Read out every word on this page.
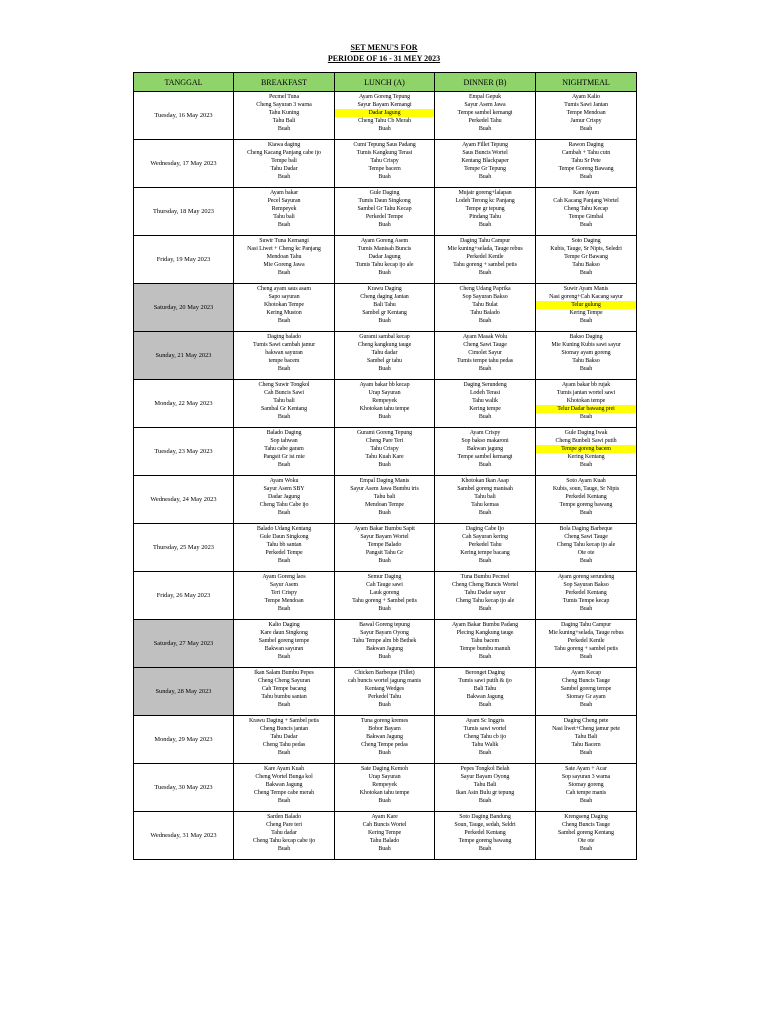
SET MENU'S FOR
PERIODE OF 16 - 31 MEY 2023
TANGGAL	BREAKFAST	LUNCH (A)	DINNER (B)	NIGHTMEAL
Tuesday, 16 May 2023	Pecmel Tuna
Cheng Sayuran 3 warna
Tahu Kuning
Tahu Bali
Buah	Ayam Goreng Tepung
Sayur Bayam Kemangi
Dadar Jagung
Cheng Tahu Cb Merah
Buah	Empal Gepuk
Sayur Asem Jawa
Tempe sambel kemangi
Perkedel Tahu
Buah	Ayam Kalio
Tumis Sawi Jantan
Tempe Mendoan
Jamur Crispy
Buah

Wednesday, 17 May 2023	Kiawa daging
Cheng Kacang Panjang cabe ijo
Tempe bali
Tahu Dadar
Buah	Cumi Tepung Saus Padang
Tumis Kangkung Terasi
Tahu Crispy
Tempe bacem
Buah	Ayam Fillet Tepung
Saus Buncis Wortel
Kentang Blackpaper
Tempe Gr Tepung
Buah	Rawon Daging
Cambah + Tahu cutn
Tahu Sr Pete
Tempe Goreng Bawang
Buah

Thursday, 18 May 2023	Ayam bakar
Pecel Sayuran
Rempeyek
Tahu bali
Buah	Gule Daging
Tumis Daun Singkong
Sambel Gr Tahu Kecap
Perkedel Tempe
Buah	Mujair goreng+lalapan
Lodeh Terong kc Panjang
Tempe gr tepung
Pindang Tahu
Buah	Kare Ayam
Cah Kacang Panjang Wortel
Cheng Tahu Kecap
Tempe Gimbal
Buah

Friday, 19 May 2023	Suwir Tuna Kemangi
Nasi Liwet + Cheng kc Panjang
Mendoan Tahu
Mie Goreng Jawa
Buah	Ayam Goreng Asem
Tumis Manisah Buncis
Dadar Jagung
Tumis Tahu kecap ijo ale
Buah	Daging Tahu Campur
Mie kuning+selada, Tauge rebus
Perkedel Kentle
Tahu goreng + sambel petis
Buah	Soto Daging
Kubis, Tauge, Sr Nipis, Seledri
Tempe Gr Bawang
Tahu Bakso
Buah

Saturday, 20 May 2023	Cheng ayam saus asam
Sapo sayuran
Khotokan Tempe
Kering Muston
Buah	Krawu Daging
Cheng daging Jantan
Bali Tahu
Sambel gr Kentang
Buah	Cheng Udang Paprika
Sop Sayuran Bakso
Tahu Bulat
Tahu Balado
Buah	Suwir Ayam Manis
Nasi goreng+Cah Kacang sayur
Telur gulung
Kering Tempe
Buah

Sunday, 21 May 2023	Daging balado
Tumis Sawi cambah jamur
bakwan sayuran
tempe bacem
Buah	Gurami sambal kecap
Cheng kangkung tauge
Tahu dadar
Sambel gr tahu
Buah	Ayam Masak Wolu
Cheng Sawi Tauge
Cimolet Sayur
Tumis tempe tahu pedas
Buah	Bakso Daging
Mie Kuning Kubis sawi sayur
Siomay ayam goreng
Tahu Bakso
Buah

Monday, 22 May 2023	Cheng Suwir Tongkol
Cah Buncis Sawi
Tahu bali
Sambal Gr Kentang
Buah	Ayam bakar bb kecap
Urap Sayuran
Rempeyek
Khotokan tahu tempe
Buah	Daging Serundeng
Lodeh Terasi
Tahu walik
Kering tempe
Buah	Ayam bakar bb rujak
Tumis jantan wortel sawi
Khotokan tempe
Telur Dadar bawang prei
Buah

Tuesday, 23 May 2023	Balado Daging
Sop tahwan
Tahu cabe garam
Pangsit Gr isi mie
Buah	Gurami Goreng Tepung
Cheng Pare Teri
Tahu Crispy
Tahu Kuah Kare
Buah	Ayam Crispy
Sop bakso makaroni
Bakwan jagung
Tempe sambel kemangi
Buah	Gule Daging Iwak
Cheng Bunbeli Sawi putih
Tempe goreng bacem
Kering Kentang
Buah

Wednesday, 24 May 2023	Ayam Woku
Sayur Asem SBY
Dadar Jagung
Cheng Tahu Cabe ijo
Buah	Empal Daging Manis
Sayur Asem Jawa Bumbu iris
Tahu bali
Mendoan Tempe
Buah	Khotokan Ikan Asap
Sambel goreng manisah
Tahu bali
Tahu kemas
Buah	Soto Ayam Kuah
Kubis, soun, Tauge, Sr Nipis
Perkedel Kentang
Tempe goreng bawang
Buah

Thursday, 25 May 2023	Balado Udang Kentang
Gule Daun Singkong
Tahu bb santan
Perkedel Tempe
Buah	Ayam Bakar Bumbu Sapit
Sayur Bayam Wortel
Tempe Balado
Pangsit Tahu Gr
Buah	Daging Cabe Ijo
Cah Sayuran kering
Perkedel Tahu
Kering tempe bacang
Buah	Bola Daging Barbeque
Cheng Sawi Tauge
Cheng Tahu kecap ijo ale
Ote ote
Buah

Friday, 26 May 2023	Ayam Goreng laos
Sayur Asem
Teri Crispy
Tempe Mendoan
Buah	Semur Daging
Cah Tauge sawi
Lauk goreng
Tahu goreng + Sambel petis
Buah	Tuna Bumbu Pecmel
Cheng Cheng Buncis Wortel
Tahu Dadar sayur
Cheng Tahu kecap ijo ale
Buah	Ayam goreng serundeng
Sop Sayuran Bakso
Perkedel Kentang
Tumis Tempe kecap
Buah

Saturday, 27 May 2023	Kalio Daging
Kare daun Singkong
Sambel goreng tempe
Bakwan sayuran
Buah	Bawal Goreng tepung
Sayur Bayam Oyong
Tahu Tempe alm bb Bethek
Bakwan Jagung
Buah	Ayam Bakar Bumbu Padang
Plecing Kangkung tauge
Tahu bacem
Tempe bumbu manuh
Buah	Daging Tahu Campur
Mie kuning+selada, Tauge rebus
Perkedel Kentle
Tahu goreng + sambel petis
Buah

Sunday, 28 May 2023	Ikan Salam Bumbu Pepes
Cheng Cheng Sayuran
Cah Tempe bacang
Tahu bumbu santan
Buah	Chicken Barbeque (Fillet)
cah buncis wortel jagung manis
Kentang Wedges
Perkedel Tahu
Buah	Beronget Daging
Tumis sawi putih & ijo
Bali Tahu
Bakwan Jagung
Buah	Ayam Kecap
Cheng Buncis Tauge
Sambel goreng tempe
Siomay Gr ayam
Buah

Monday, 29 May 2023	Krawu Daging + Sambel petis
Cheng Buncis jantan
Tahu Dadar
Cheng Tahu pedas
Buah	Tuna goreng kremes
Bobor Bayam
Bakwan Jagung
Cheng Tempe pedas
Buah	Ayam Sc Inggris
Tumis sawi wortel
Cheng Tahu cb ijo
Tahu Walik
Buah	Daging Cheng pete
Nasi liwet+Cheng jamur pete
Tahu Bali
Tahu Bacem
Buah

Tuesday, 30 May 2023	Kare Ayam Kuah
Cheng Wortel Bunga kol
Bakwan Jagung
Cheng Tempe cabe merah
Buah	Sate Daging Kemoh
Urap Sayuran
Rempeyek
Khotokan tahu tempe
Buah	Pepes Tongkol Belah
Sayur Bayam Oyong
Tahu Bali
Ikan Asin Bulu gr tepung
Buah	Sate Ayam + Acar
Sop sayuran 3 warna
Siomay goreng
Cah tempe manis
Buah

Wednesday, 31 May 2023	Sarden Balado
Cheng Pare teri
Tahu dadar
Cheng Tahu kecap cabe ijo
Buah	Ayam Kare
Cah Buncis Wortel
Kering Tempe
Tahu Balado
Buah	Soto Daging Bandung
Soun, Tauge, sedah, Seldri
Perkedel Kentang
Tempe goreng bawang
Buah	Krengseng Daging
Cheng Buncis Tauge
Sambel goreng Kentang
Ote ote
Buah
